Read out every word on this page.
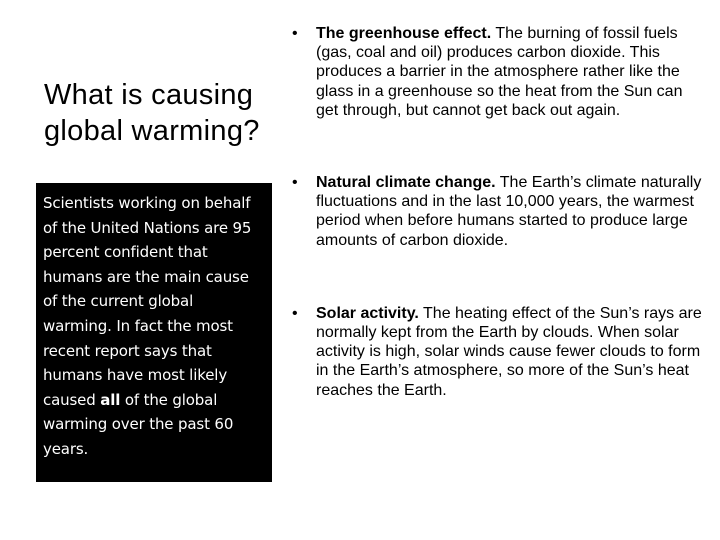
What is causing global warming?
Scientists working on behalf of the United Nations are 95 percent confident that humans are the main cause of the current global warming. In fact the most recent report says that humans have most likely caused all of the global warming over the past 60 years.
• The greenhouse effect. The burning of fossil fuels (gas, coal and oil) produces carbon dioxide. This produces a barrier in the atmosphere rather like the glass in a greenhouse so the heat from the Sun can get through, but cannot get back out again.
• Natural climate change. The Earth’s climate naturally fluctuations and in the last 10,000 years, the warmest period when before humans started to produce large amounts of carbon dioxide.
• Solar activity. The heating effect of the Sun’s rays are normally kept from the Earth by clouds. When solar activity is high, solar winds cause fewer clouds to form in the Earth’s atmosphere, so more of the Sun’s heat reaches the Earth.
